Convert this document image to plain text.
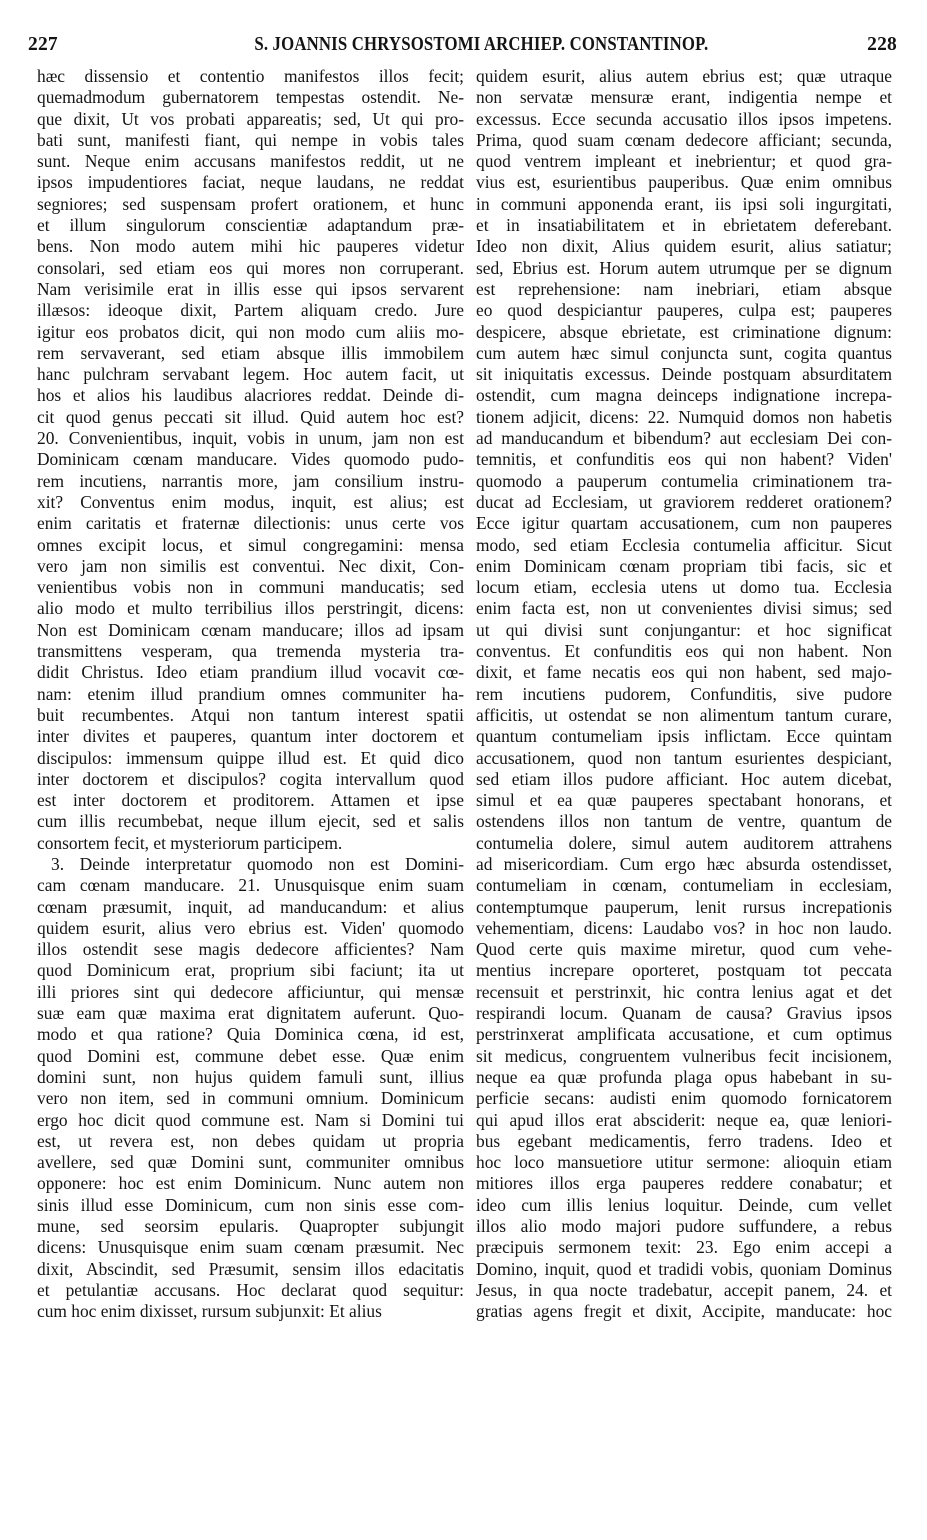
227	S. JOANNIS CHRYSOSTOMI ARCHIEP. CONSTANTINOP.	228
hæc dissensio et contentio manifestos illos fecit;
quemadmodum gubernatorem tempestas ostendit. Ne-
que dixit, Ut vos probati appareatis; sed, Ut qui pro-
bati sunt, manifesti fiant, qui nempe in vobis tales
sunt. Neque enim accusans manifestos reddit, ut ne
ipsos impudentiores faciat, neque laudans, ne reddat
segniores; sed suspensam profert orationem, et hunc
et illum singulorum conscientiæ adaptandum præ-
bens. Non modo autem mihi hic pauperes videtur
consolari, sed etiam eos qui mores non corruperant.
Nam verisimile erat in illis esse qui ipsos servarent
illæsos: ideoque dixit, Partem aliquam credo. Jure
igitur eos probatos dicit, qui non modo cum aliis mo-
rem servaverant, sed etiam absque illis immobilem
hanc pulchram servabant legem. Hoc autem facit, ut
hos et alios his laudibus alacriores reddat. Deinde di-
cit quod genus peccati sit illud. Quid autem hoc est?
20. Convenientibus, inquit, vobis in unum, jam non est
Dominicam cœnam manducare. Vides quomodo pudo-
rem incutiens, narrantis more, jam consilium instru-
xit? Conventus enim modus, inquit, est alius; est
enim caritatis et fraternæ dilectionis: unus certe vos
omnes excipit locus, et simul congregamini: mensa
vero jam non similis est conventui. Nec dixit, Con-
venientibus vobis non in communi manducatis; sed
alio modo et multo terribilius illos perstringit, dicens:
Non est Dominicam cœnam manducare; illos ad ipsam
transmittens vesperam, qua tremenda mysteria tra-
didit Christus. Ideo etiam prandium illud vocavit cœ-
nam: etenim illud prandium omnes communiter ha-
buit recumbentes. Atqui non tantum interest spatii
inter divites et pauperes, quantum inter doctorem et
discipulos: immensum quippe illud est. Et quid dico
inter doctorem et discipulos? cogita intervallum quod
est inter doctorem et proditorem. Attamen et ipse
cum illis recumbebat, neque illum ejecit, sed et salis
consortem fecit, et mysteriorum participem.
3. Deinde interpretatur quomodo non est Domini-
cam cœnam manducare. 21. Unusquisque enim suam
cœnam præsumit, inquit, ad manducandum: et alius
quidem esurit, alius vero ebrius est. Viden' quomodo
illos ostendit sese magis dedecore afficientes? Nam
quod Dominicum erat, proprium sibi faciunt; ita ut
illi priores sint qui dedecore afficiuntur, qui mensæ
suæ eam quæ maxima erat dignitatem auferunt. Quo-
modo et qua ratione? Quia Dominica cœna, id est,
quod Domini est, commune debet esse. Quæ enim
domini sunt, non hujus quidem famuli sunt, illius
vero non item, sed in communi omnium. Dominicum
ergo hoc dicit quod commune est. Nam si Domini tui
est, ut revera est, non debes quidam ut propria
avellere, sed quæ Domini sunt, communiter omnibus
opponere: hoc est enim Dominicum. Nunc autem non
sinis illud esse Dominicum, cum non sinis esse com-
mune, sed seorsim epularis. Quapropter subjungit
dicens: Unusquisque enim suam cœnam præsumit. Nec
dixit, Abscindit, sed Præsumit, sensim illos edacitatis
et petulantiæ accusans. Hoc declarat quod sequitur:
cum hoc enim dixisset, rursum subjunxit: Et alius
quidem esurit, alius autem ebrius est; quæ utraque
non servatæ mensuræ erant, indigentia nempe et
excessus. Ecce secunda accusatio illos ipsos impetens.
Prima, quod suam cœnam dedecore afficiant; secunda,
quod ventrem impleant et inebrientur; et quod gra-
vius est, esurientibus pauperibus. Quæ enim omnibus
in communi apponenda erant, iis ipsi soli ingurgitati,
et in insatiabilitatem et in ebrietatem deferebant.
Ideo non dixit, Alius quidem esurit, alius satiatur;
sed, Ebrius est. Horum autem utrumque per se dignum
est reprehensione: nam inebriari, etiam absque
eo quod despiciantur pauperes, culpa est; pauperes
despicere, absque ebrietate, est criminatione dignum:
cum autem hæc simul conjuncta sunt, cogita quantus
sit iniquitatis excessus. Deinde postquam absurditatem
ostendit, cum magna deinceps indignatione increpa-
tionem adjicit, dicens: 22. Numquid domos non habetis
ad manducandum et bibendum? aut ecclesiam Dei con-
temnitis, et confunditis eos qui non habent? Viden'
quomodo a pauperum contumelia criminationem tra-
ducat ad Ecclesiam, ut graviorem redderet orationem?
Ecce igitur quartam accusationem, cum non pauperes
modo, sed etiam Ecclesia contumelia afficitur. Sicut
enim Dominicam cœnam propriam tibi facis, sic et
locum etiam, ecclesia utens ut domo tua. Ecclesia
enim facta est, non ut convenientes divisi simus; sed
ut qui divisi sunt conjungantur: et hoc significat
conventus. Et confunditis eos qui non habent. Non
dixit, et fame necatis eos qui non habent, sed majo-
rem incutiens pudorem, Confunditis, sive pudore
afficitis, ut ostendat se non alimentum tantum curare,
quantum contumeliam ipsis inflictam. Ecce quintam
accusationem, quod non tantum esurientes despiciant,
sed etiam illos pudore afficiant. Hoc autem dicebat,
simul et ea quæ pauperes spectabant honorans, et
ostendens illos non tantum de ventre, quantum de
contumelia dolere, simul autem auditorem attrahens
ad misericordiam. Cum ergo hæc absurda ostendisset,
contumeliam in cœnam, contumeliam in ecclesiam,
contemptumque pauperum, lenit rursus increpationis
vehementiam, dicens: Laudabo vos? in hoc non laudo.
Quod certe quis maxime miretur, quod cum vehe-
mentius increpare oporteret, postquam tot peccata
recensuit et perstrinxit, hic contra lenius agat et det
respirandi locum. Quanam de causa? Gravius ipsos
perstrinxerat amplificata accusatione, et cum optimus
sit medicus, congruentem vulneribus fecit incisionem,
neque ea quæ profunda plaga opus habebant in su-
perficie secans: audisti enim quomodo fornicatorem
qui apud illos erat absciderit: neque ea, quæ leniori-
bus egebant medicamentis, ferro tradens. Ideo et
hoc loco mansuetiore utitur sermone: alioquin etiam
mitiores illos erga pauperes reddere conabatur; et
ideo cum illis lenius loquitur. Deinde, cum vellet
illos alio modo majori pudore suffundere, a rebus
præcipuis sermonem texit: 23. Ego enim accepi a
Domino, inquit, quod et tradidi vobis, quoniam Dominus
Jesus, in qua nocte tradebatur, accepit panem, 24. et
gratias agens fregit et dixit, Accipite, manducate: hoc
